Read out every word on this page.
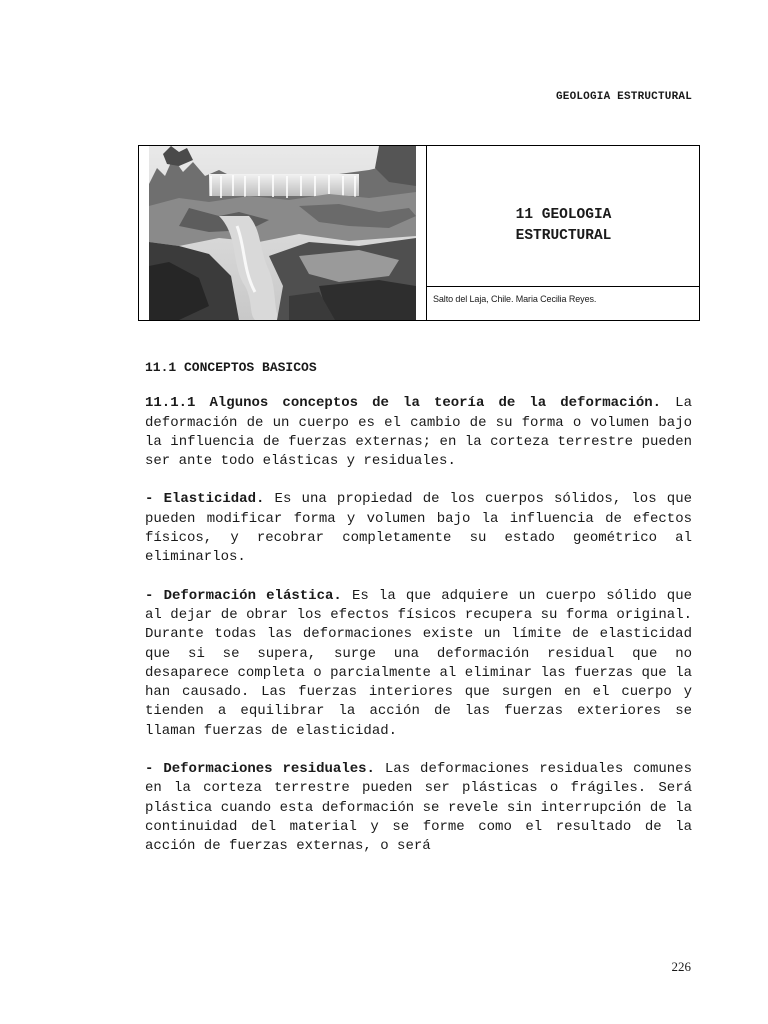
GEOLOGIA ESTRUCTURAL
11 GEOLOGIA
ESTRUCTURAL
Salto del Laja, Chile. Maria Cecilia Reyes.
11.1 CONCEPTOS BASICOS

11.1.1 Algunos conceptos de la teoría de la deformación. La deformación de un cuerpo es el cambio de su forma o volumen bajo la influencia de fuerzas externas; en la corteza terrestre pueden ser ante todo elásticas y residuales.

- Elasticidad. Es una propiedad de los cuerpos sólidos, los que pueden modificar forma y volumen bajo la influencia de efectos físicos, y recobrar completamente su estado geométrico al eliminarlos.

- Deformación elástica. Es la que adquiere un cuerpo sólido que al dejar de obrar los efectos físicos recupera su forma original. Durante todas las deformaciones existe un límite de elasticidad que si se supera, surge una deformación residual que no desaparece completa o parcialmente al eliminar las fuerzas que la han causado. Las fuerzas interiores que surgen en el cuerpo y tienden a equilibrar la acción de las fuerzas exteriores se llaman fuerzas de elasticidad.

- Deformaciones residuales. Las deformaciones residuales comunes en la corteza terrestre pueden ser plásticas o frágiles. Será plástica cuando esta deformación se revele sin interrupción de la continuidad del material y se forme como el resultado de la acción de fuerzas externas, o será

226
